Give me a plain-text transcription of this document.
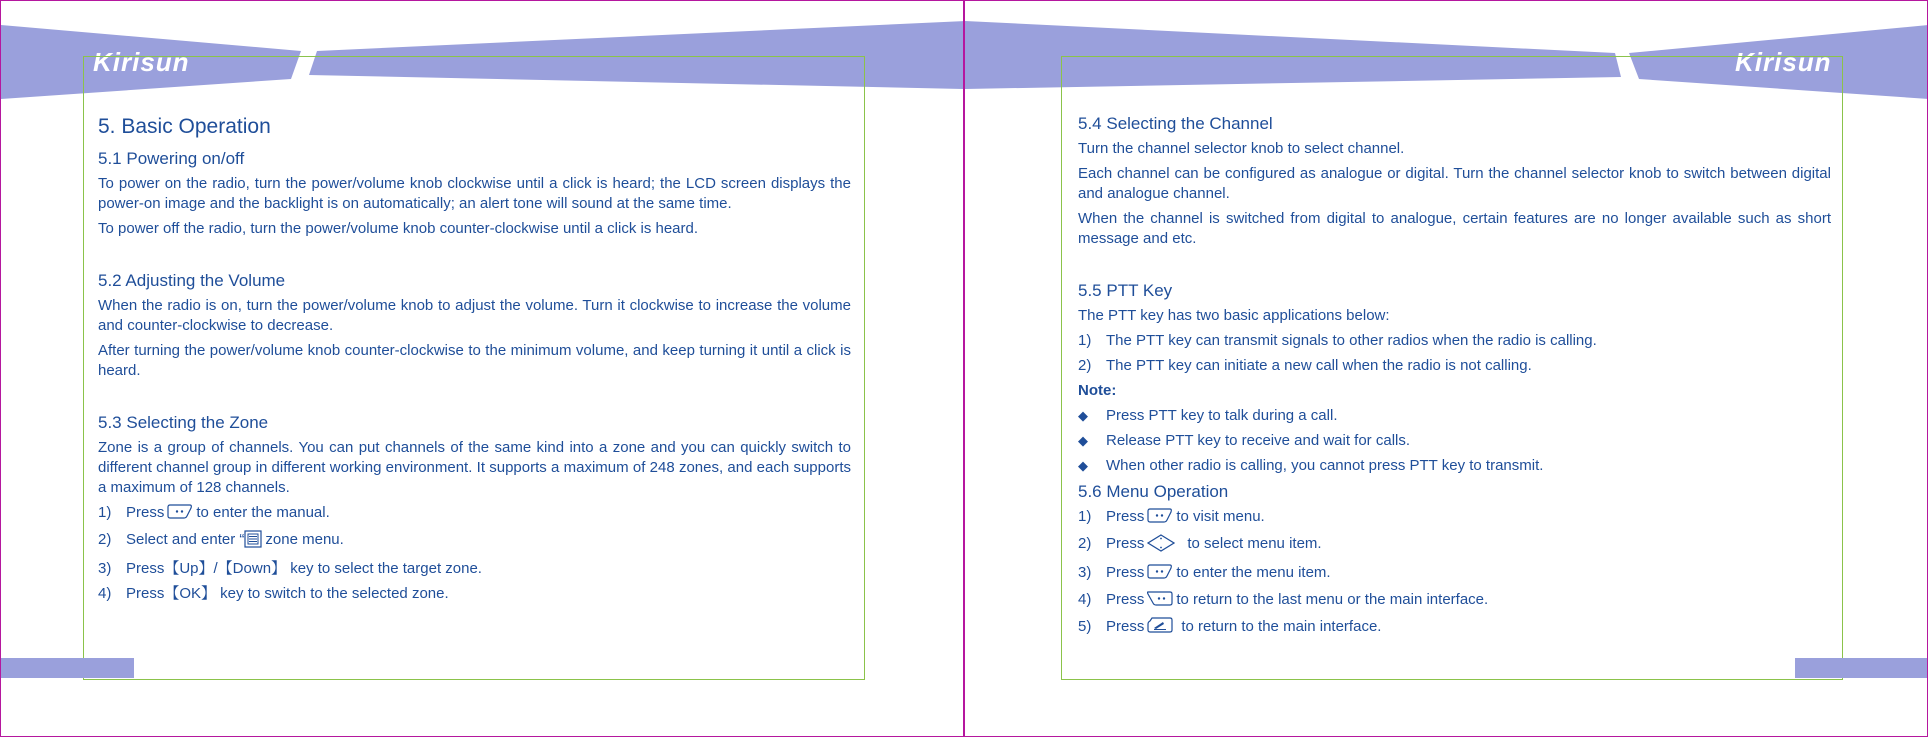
Kirisun
5. Basic Operation
5.1 Powering on/off

To power on the radio, turn the power/volume knob clockwise until a click is heard; the LCD screen displays the power-on image and the backlight is on automatically; an alert tone will sound at the same time.

To power off the radio, turn the power/volume knob counter-clockwise until a click is heard.

5.2 Adjusting the Volume

When the radio is on, turn the power/volume knob to adjust the volume. Turn it clockwise to increase the volume and counter-clockwise to decrease.

After turning the power/volume knob counter-clockwise to the minimum volume, and keep turning it until a click is heard.

5.3 Selecting the Zone

Zone is a group of channels. You can put channels of the same kind into a zone and you can quickly switch to different channel group in different working environment. It supports a maximum of 248 zones, and each supports a maximum of 128 channels.

1) Press to enter the manual.
2) Select and enter “ zone menu.
3) Press【Up】/【Down】 key to select the target zone.
4) Press【OK】 key to switch to the selected zone.
Kirisun
5.4 Selecting the Channel

Turn the channel selector knob to select channel.

Each channel can be configured as analogue or digital. Turn the channel selector knob to switch between digital and analogue channel.

When the channel is switched from digital to analogue, certain features are no longer available such as short message and etc.

5.5 PTT Key

The PTT key has two basic applications below:

1) The PTT key can transmit signals to other radios when the radio is calling.
2) The PTT key can initiate a new call when the radio is not calling.
Note:
◆	Press PTT key to talk during a call.
◆	Release PTT key to receive and wait for calls.
◆	When other radio is calling, you cannot press PTT key to transmit.
5.6 Menu Operation
1) Press to visit menu.
2) Press	to select menu item.
3) Press to enter the menu item.
4) Press to return to the last menu or the main interface.
5) Press to return to the main interface.
